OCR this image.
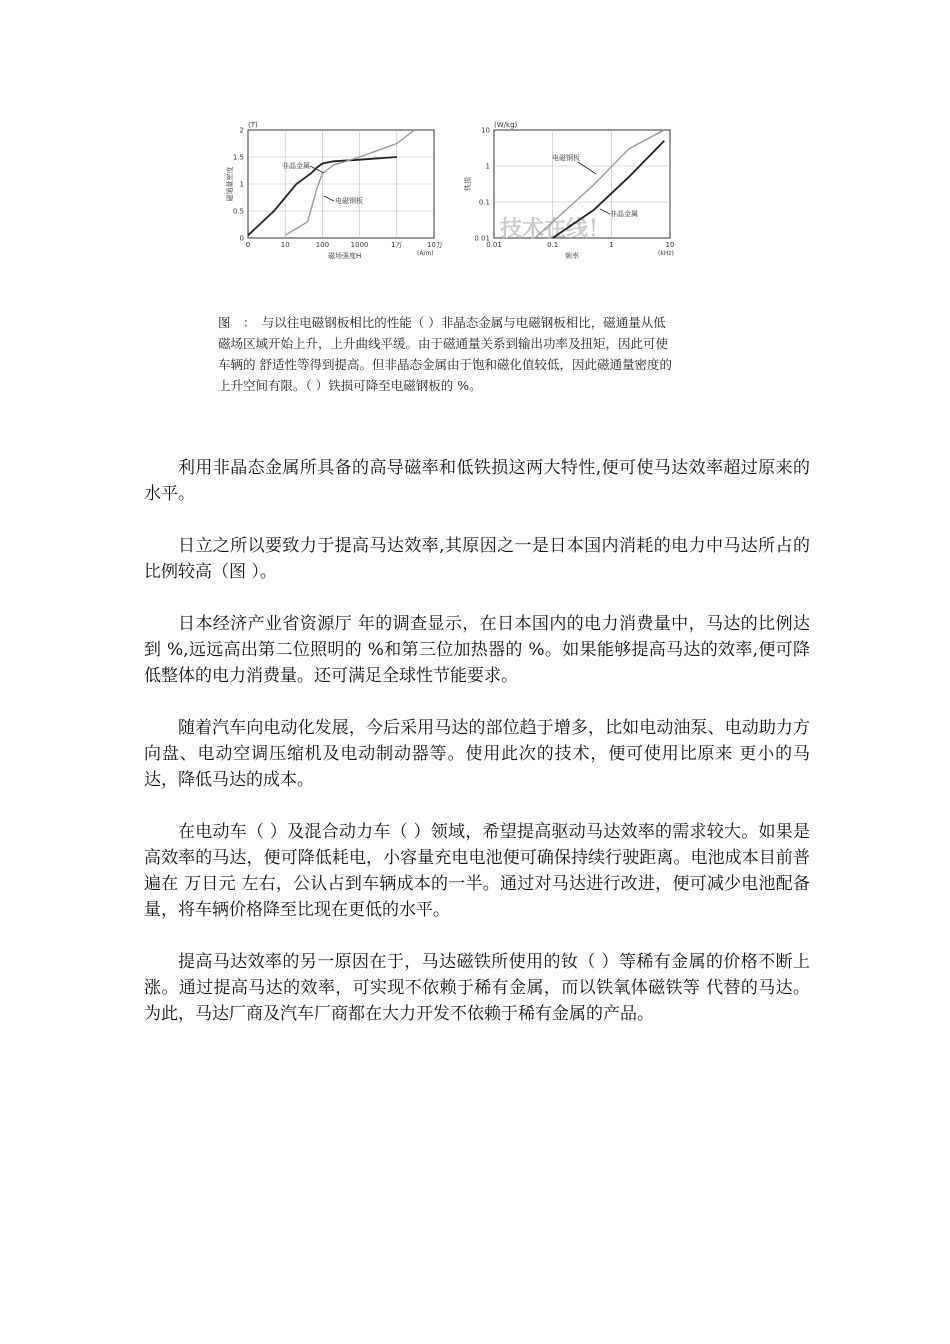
0	10	100	1000	1万
2
1.5
1
0.5
0
(T)
10万
(A/m)
磁场强度H
磁通量密度
非晶金属
电磁钢板
0.01	0.1	1	10
10
1
0.1
0.01 技术在线！
(W/kg)
(kHz)
频率
铁损
电磁钢板
非晶金属

图　：　与以往电磁钢板相比的性能（ ）非晶态金属与电磁钢板相比，磁通量从低

磁场区域开始上升，上升曲线平缓。由于磁通量关系到输出功率及扭矩，因此可使

车辆的 舒适性等得到提高。但非晶态金属由于饱和磁化值较低，因此磁通量密度的

上升空间有限。（ ）铁损可降至电磁钢板的 %。

利用非晶态金属所具备的高导磁率和低铁损这两大特性,便可使马达效率超过原来的水平。

日立之所以要致力于提高马达效率,其原因之一是日本国内消耗的电力中马达所占的比例较高（图 ）。

日本经济产业省资源厅 年的调查显示，在日本国内的电力消费量中，马达的比例达到 %,远远高出第二位照明的 %和第三位加热器的 %。如果能够提高马达的效率,便可降低整体的电力消费量。还可满足全球性节能要求。

随着汽车向电动化发展，今后采用马达的部位趋于增多，比如电动油泵、电动助力方向盘、电动空调压缩机及电动制动器等。使用此次的技术，便可使用比原来 更小的马达，降低马达的成本。

在电动车（ ）及混合动力车（ ）领域，希望提高驱动马达效率的需求较大。如果是高效率的马达，便可降低耗电，小容量充电电池便可确保持续行驶距离。电池成本目前普遍在 万日元 左右，公认占到车辆成本的一半。通过对马达进行改进，便可减少电池配备量，将车辆价格降至比现在更低的水平。

提高马达效率的另一原因在于，马达磁铁所使用的钕（ ）等稀有金属的价格不断上涨。通过提高马达的效率，可实现不依赖于稀有金属，而以铁氧体磁铁等 代替的马达。为此，马达厂商及汽车厂商都在大力开发不依赖于稀有金属的产品。
